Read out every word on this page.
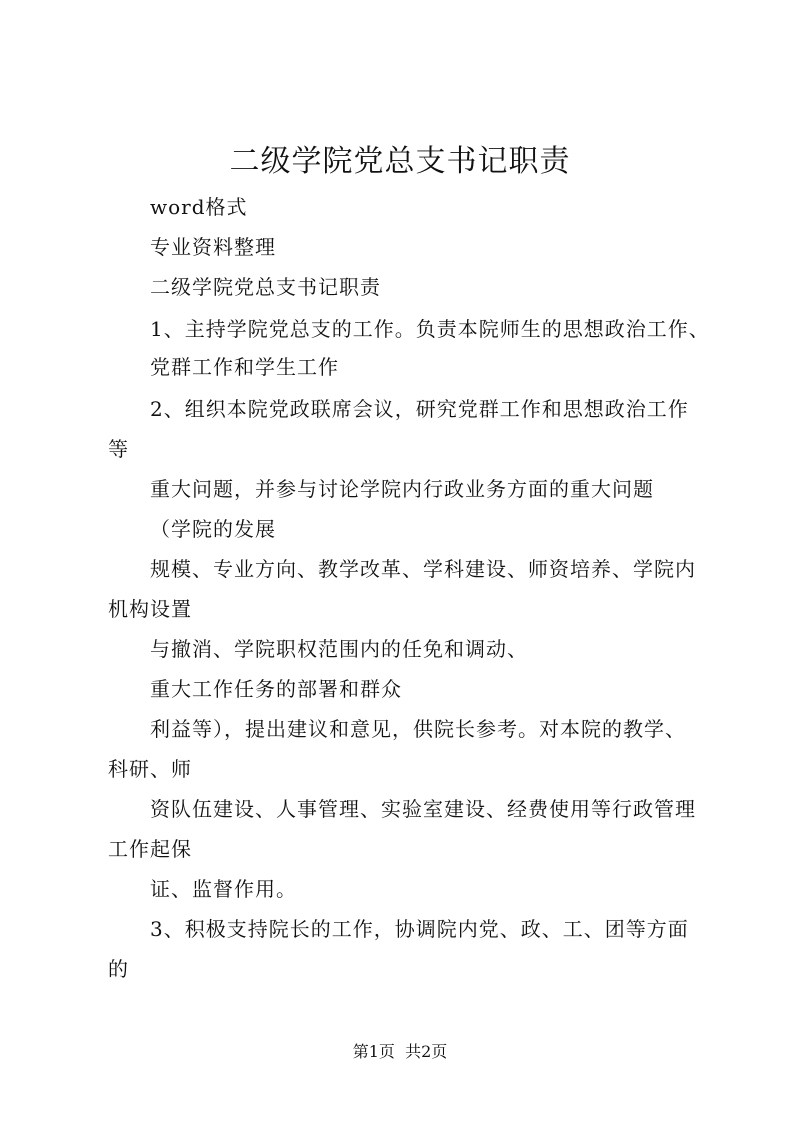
二级学院党总支书记职责

word格式

专业资料整理

二级学院党总支书记职责

1、主持学院党总支的工作。负责本院师生的思想政治工作、

党群工作和学生工作

2、组织本院党政联席会议，研究党群工作和思想政治工作

等

重大问题，并参与讨论学院内行政业务方面的重大问题

（学院的发展

规模、专业方向、教学改革、学科建设、师资培养、学院内

机构设置

与撤消、学院职权范围内的任免和调动、

重大工作任务的部署和群众

利益等），提出建议和意见，供院长参考。对本院的教学、

科研、师

资队伍建设、人事管理、实验室建设、经费使用等行政管理

工作起保

证、监督作用。

3、积极支持院长的工作，协调院内党、政、工、团等方面

的

第1页  共2页
